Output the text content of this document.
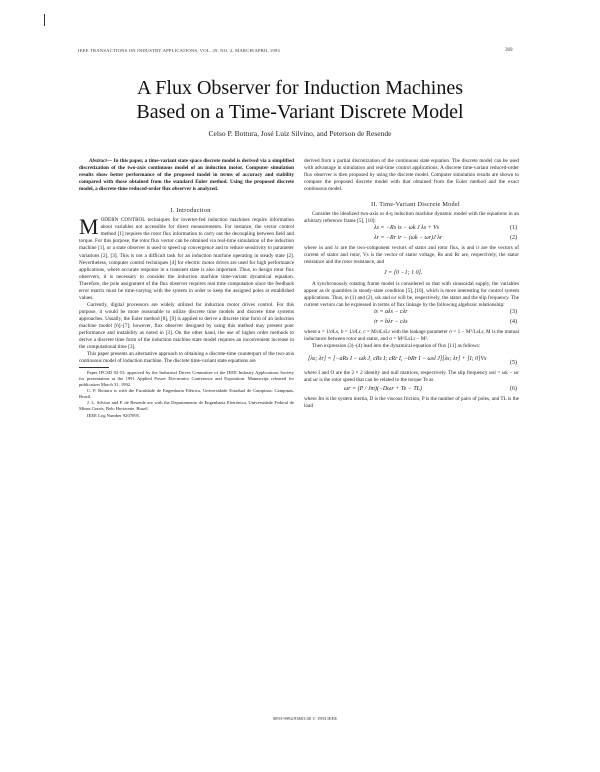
IEEE TRANSACTIONS ON INDUSTRY APPLICATIONS, VOL. 29, NO. 2, MARCH/APRIL 1993	369
A Flux Observer for Induction Machines
Based on a Time-Variant Discrete Model
Celso P. Bottura, José Luiz Silvino, and Peterson de Resende

Abstract— In this paper, a time-variant state space discrete model is derived via a simplified discretization of the two-axis continuous model of an induction motor. Computer simulation results show better performance of the proposed model in terms of accuracy and stability compared with those obtained from the standard Euler method. Using the proposed discrete model, a discrete-time reduced-order flux observer is analyzed.

I. Introduction

M ODERN CONTROL techniques for inverter-fed induction machines require information about variables not accessible for direct measurements. For instance, the vector control method [1] requires the rotor flux information to carry out the decoupling between field and torque. For this purpose, the rotor flux vector can be obtained via real-time simulation of the induction machine [1], or a state observer is used to speed up convergence and to reduce sensitivity to parameter variations [2], [3]. This is not a difficult task for an induction machine operating in steady state [2]. Nevertheless, computer control techniques [4] for electric motor drives are used for high performance applications, where accurate response in a transient state is also important. Thus, to design rotor flux observers, it is necessary to consider the induction machine time-variant dynamical equation. Therefore, the pole assignment of the flux observer requires real time computation since the feedback error matrix must be time-varying with the system in order to keep the assigned poles at established values.

Currently, digital processors are widely utilized for induction motor drives control. For this purpose, it would be more reasonable to utilize discrete time models and discrete time systems approaches. Usually, the Euler method [8], [9] is applied to derive a discrete time form of an induction machine model [6]–[7]; however, flux observer designed by using this method may present poor performance and instability as noted in [3]. On the other hand, the use of higher order methods to derive a discrete time form of the induction machine state model requires an inconvenient increase in the computational time [3].

This paper presents an alternative approach to obtaining a discrete-time counterpart of the two-axis continuous model of induction machine. The discrete time-variant state equations are

Paper IPCSD 92-53, approved by the Industrial Drives Committee of the IEEE Industry Applications Society for presentation at the 1991 Applied Power Electronics Conference and Exposition. Manuscript released for publication March 31, 1992.

C. P. Bottura is with the Faculdade de Engenharia Elétrica, Universidade Estadual de Campinas, Campinas, Brazil.

J. L. Silvino and P. de Resende are with the Departamento de Engenharia Eletrônica, Universidade Federal de Minas Gerais, Belo Horizonte, Brazil.

IEEE Log Number 9207095.

derived from a partial discretization of the continuous state equation. The discrete model can be used with advantage in simulation and real-time control applications. A discrete time-variant reduced-order flux observer is then proposed by using the discrete model. Computer simulation results are shown to compare the proposed discrete model with that obtained from the Euler method and the exact continuous model.

II. Time-Variant Discrete Model

Consider the idealized two-axis or d-q induction machine dynamic model with the equations in an arbitrary reference frame [5], [10]:

λs = −Rs is − ωk J λs + Vs	(1)
λr = −Rr ir − (ωk − ωr)J λr	(2)

where λs and λr are the two-component vectors of stator and rotor flux, is and ir are the vectors of current of stator and rotor, Vs is the vector of stator voltage, Rs and Rr are, respectively, the stator resistance and the rotor resistance, and

J = [0 −1; 1 0].

A synchronously rotating frame model is considered so that with sinusoidal supply, the variables appear as dc quantities in steady-state condition [5], [10], which is more interesting for control system applications. Thus, in (1) and (2), ωk and ωr will be, respectively, the stator and the slip frequency. The current vectors can be expressed in terms of flux linkage by the following algebraic relationship:

is = aλs − cλr	(3)
ir = bλr − cλs	(4)

where a = 1/σLs, b = 1/σLr, c = M/σLsLr with the leakage parameter σ = 1 − M²/LsLr, M is the mutual inductance between rotor and stator, and σ = M²/LsLr − M².

Then expression (3)–(4) lead into the dynamical equation of flux [11] as follows:

[λs; λr] = [−aRs I − ωk J, cRs I; cRr I, −bRr I − ωsl J][λs; λr] + [I; 0]Vs
(5)

where I and O are the 2 × 2 identity and null matrices, respectively. The slip frequency ωsl = ωk − ωr and ωr is the rotor speed that can be related to the torque Te as

ωr = (P / Jm)(−Dωr + Te − TL)	(6)

where Jm is the system inertia, D is the viscous friction, P is the number of pairs of poles, and TL is the load

0093-9994/93$03.00 © 1993 IEEE
